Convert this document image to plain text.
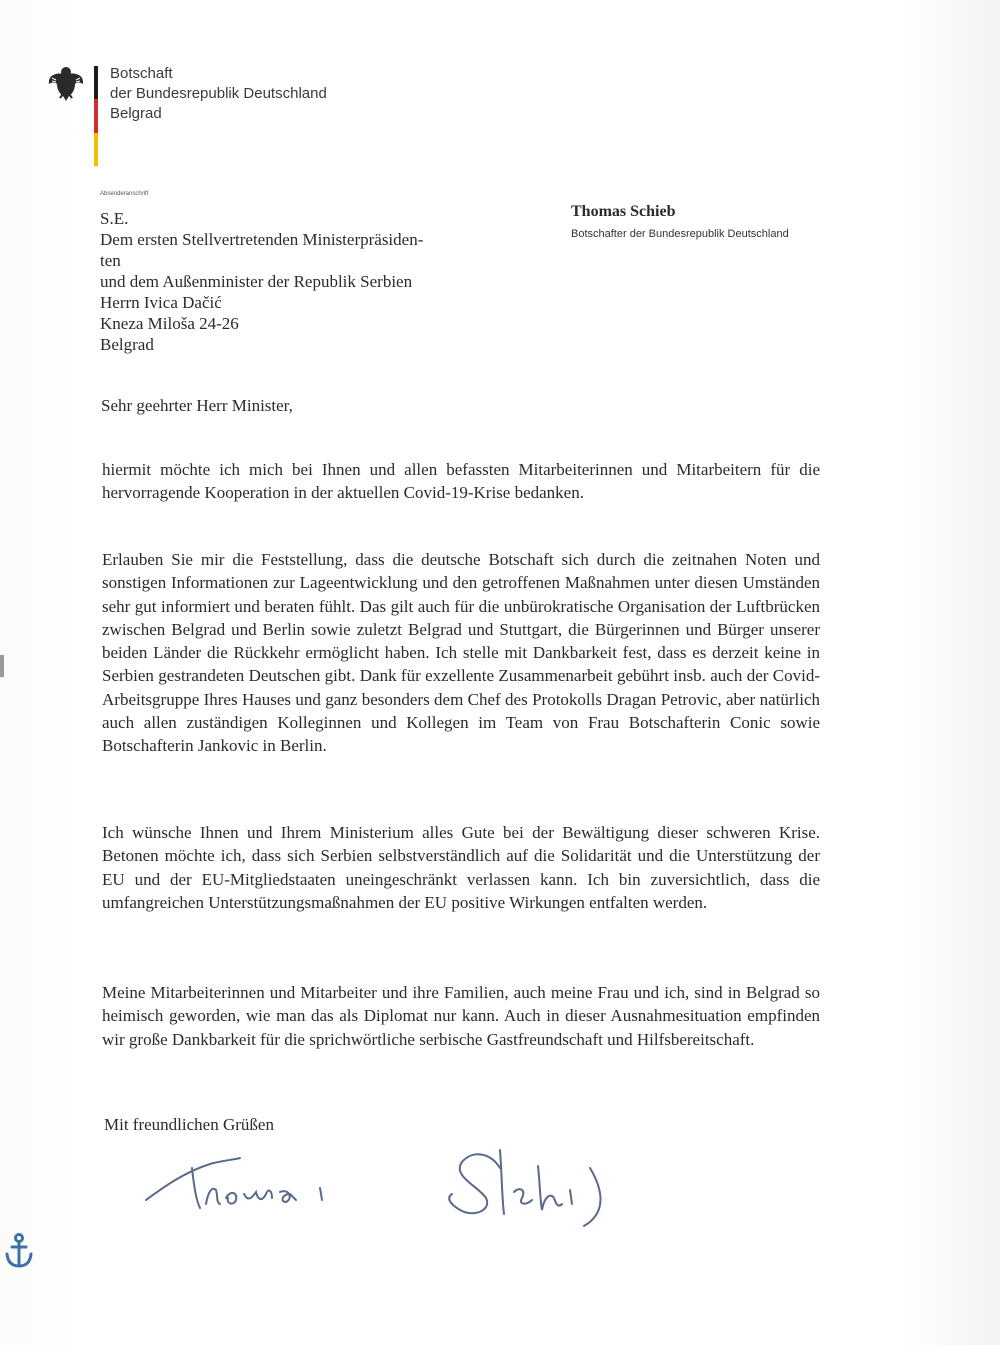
Botschaft
der Bundesrepublik Deutschland
Belgrad
Absenderanschrift
S.E.
Dem ersten Stellvertretenden Ministerpräsiden-
ten
und dem Außenminister der Republik Serbien
Herrn Ivica Dačić
Kneza Miloša 24-26
Belgrad
Thomas Schieb
Botschafter der Bundesrepublik Deutschland
Sehr geehrter Herr Minister,
hiermit möchte ich mich bei Ihnen und allen befassten Mitarbeiterinnen und Mitarbeitern für die hervorragende Kooperation in der aktuellen Covid-19-Krise bedanken.
Erlauben Sie mir die Feststellung, dass die deutsche Botschaft sich durch die zeitnahen Noten und sonstigen Informationen zur Lageentwicklung und den getroffenen Maßnahmen unter diesen Umständen sehr gut informiert und beraten fühlt. Das gilt auch für die unbürokratische Organisation der Luftbrücken zwischen Belgrad und Berlin sowie zuletzt Belgrad und Stuttgart, die Bürgerinnen und Bürger unserer beiden Länder die Rückkehr ermöglicht haben. Ich stelle mit Dankbarkeit fest, dass es derzeit keine in Serbien gestrandeten Deutschen gibt. Dank für exzellente Zusammenarbeit gebührt insb. auch der Covid-Arbeitsgruppe Ihres Hauses und ganz besonders dem Chef des Protokolls Dragan Petrovic, aber natürlich auch allen zuständigen Kolleginnen und Kollegen im Team von Frau Botschafterin Conic sowie Botschafterin Jankovic in Berlin.
Ich wünsche Ihnen und Ihrem Ministerium alles Gute bei der Bewältigung dieser schweren Krise. Betonen möchte ich, dass sich Serbien selbstverständlich auf die Solidarität und die Unterstützung der EU und der EU-Mitgliedstaaten uneingeschränkt verlassen kann. Ich bin zuversichtlich, dass die umfangreichen Unterstützungsmaßnahmen der EU positive Wirkungen entfalten werden.
Meine Mitarbeiterinnen und Mitarbeiter und ihre Familien, auch meine Frau und ich, sind in Belgrad so heimisch geworden, wie man das als Diplomat nur kann. Auch in dieser Ausnahmesituation empfinden wir große Dankbarkeit für die sprichwörtliche serbische Gastfreundschaft und Hilfsbereitschaft.
Mit freundlichen Grüßen
